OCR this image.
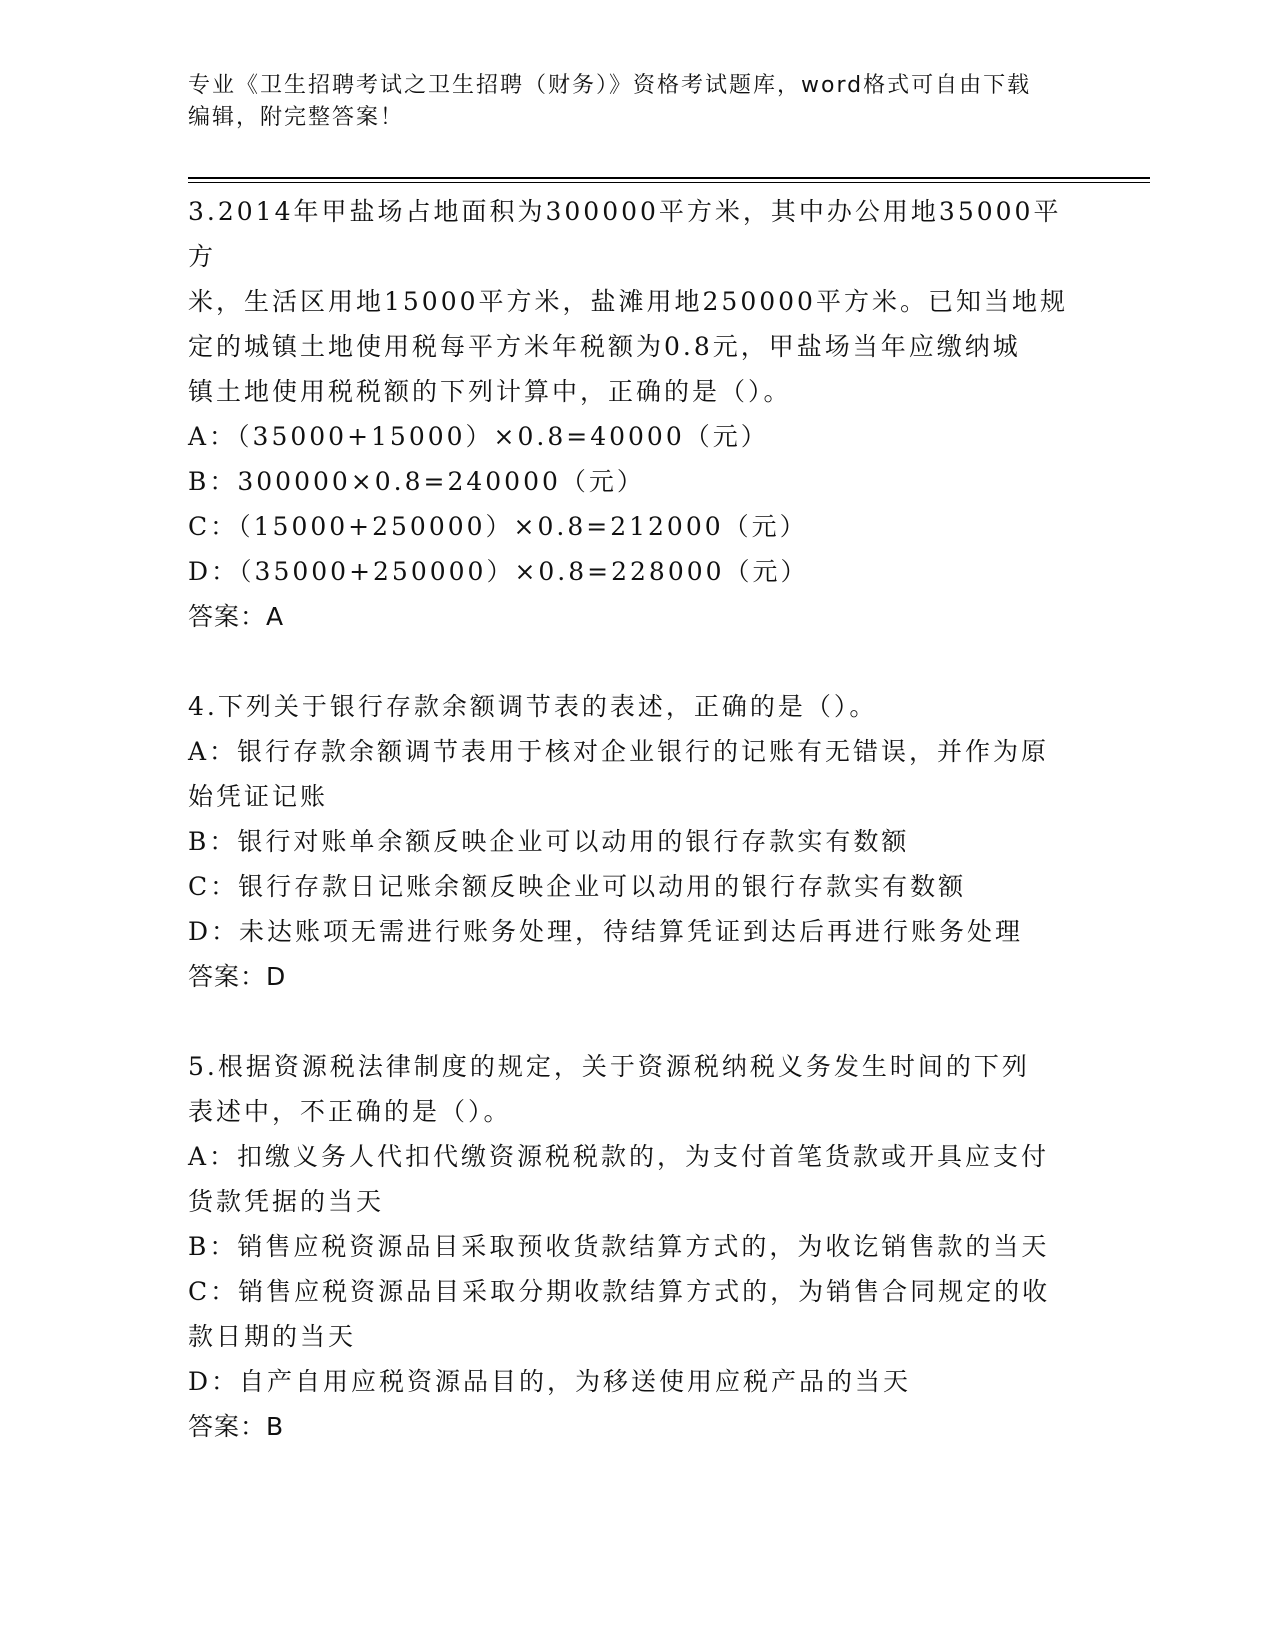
专业《卫生招聘考试之卫生招聘（财务）》资格考试题库，word格式可自由下载
编辑，附完整答案！

3.2014年甲盐场占地面积为300000平方米，其中办公用地35000平方

米，生活区用地15000平方米，盐滩用地250000平方米。已知当地规

定的城镇土地使用税每平方米年税额为0.8元，甲盐场当年应缴纳城

镇土地使用税税额的下列计算中，正确的是（）。

A：（35000+15000）×0.8=40000（元）

B：300000×0.8=240000（元）

C：（15000+250000）×0.8=212000（元）

D：（35000+250000）×0.8=228000（元）

答案：A

4.下列关于银行存款余额调节表的表述，正确的是（）。

A：银行存款余额调节表用于核对企业银行的记账有无错误，并作为原

始凭证记账

B：银行对账单余额反映企业可以动用的银行存款实有数额

C：银行存款日记账余额反映企业可以动用的银行存款实有数额

D：未达账项无需进行账务处理，待结算凭证到达后再进行账务处理

答案：D

5.根据资源税法律制度的规定，关于资源税纳税义务发生时间的下列

表述中，不正确的是（）。

A：扣缴义务人代扣代缴资源税税款的，为支付首笔货款或开具应支付

货款凭据的当天

B：销售应税资源品目采取预收货款结算方式的，为收讫销售款的当天

C：销售应税资源品目采取分期收款结算方式的，为销售合同规定的收

款日期的当天

D：自产自用应税资源品目的，为移送使用应税产品的当天

答案：B
